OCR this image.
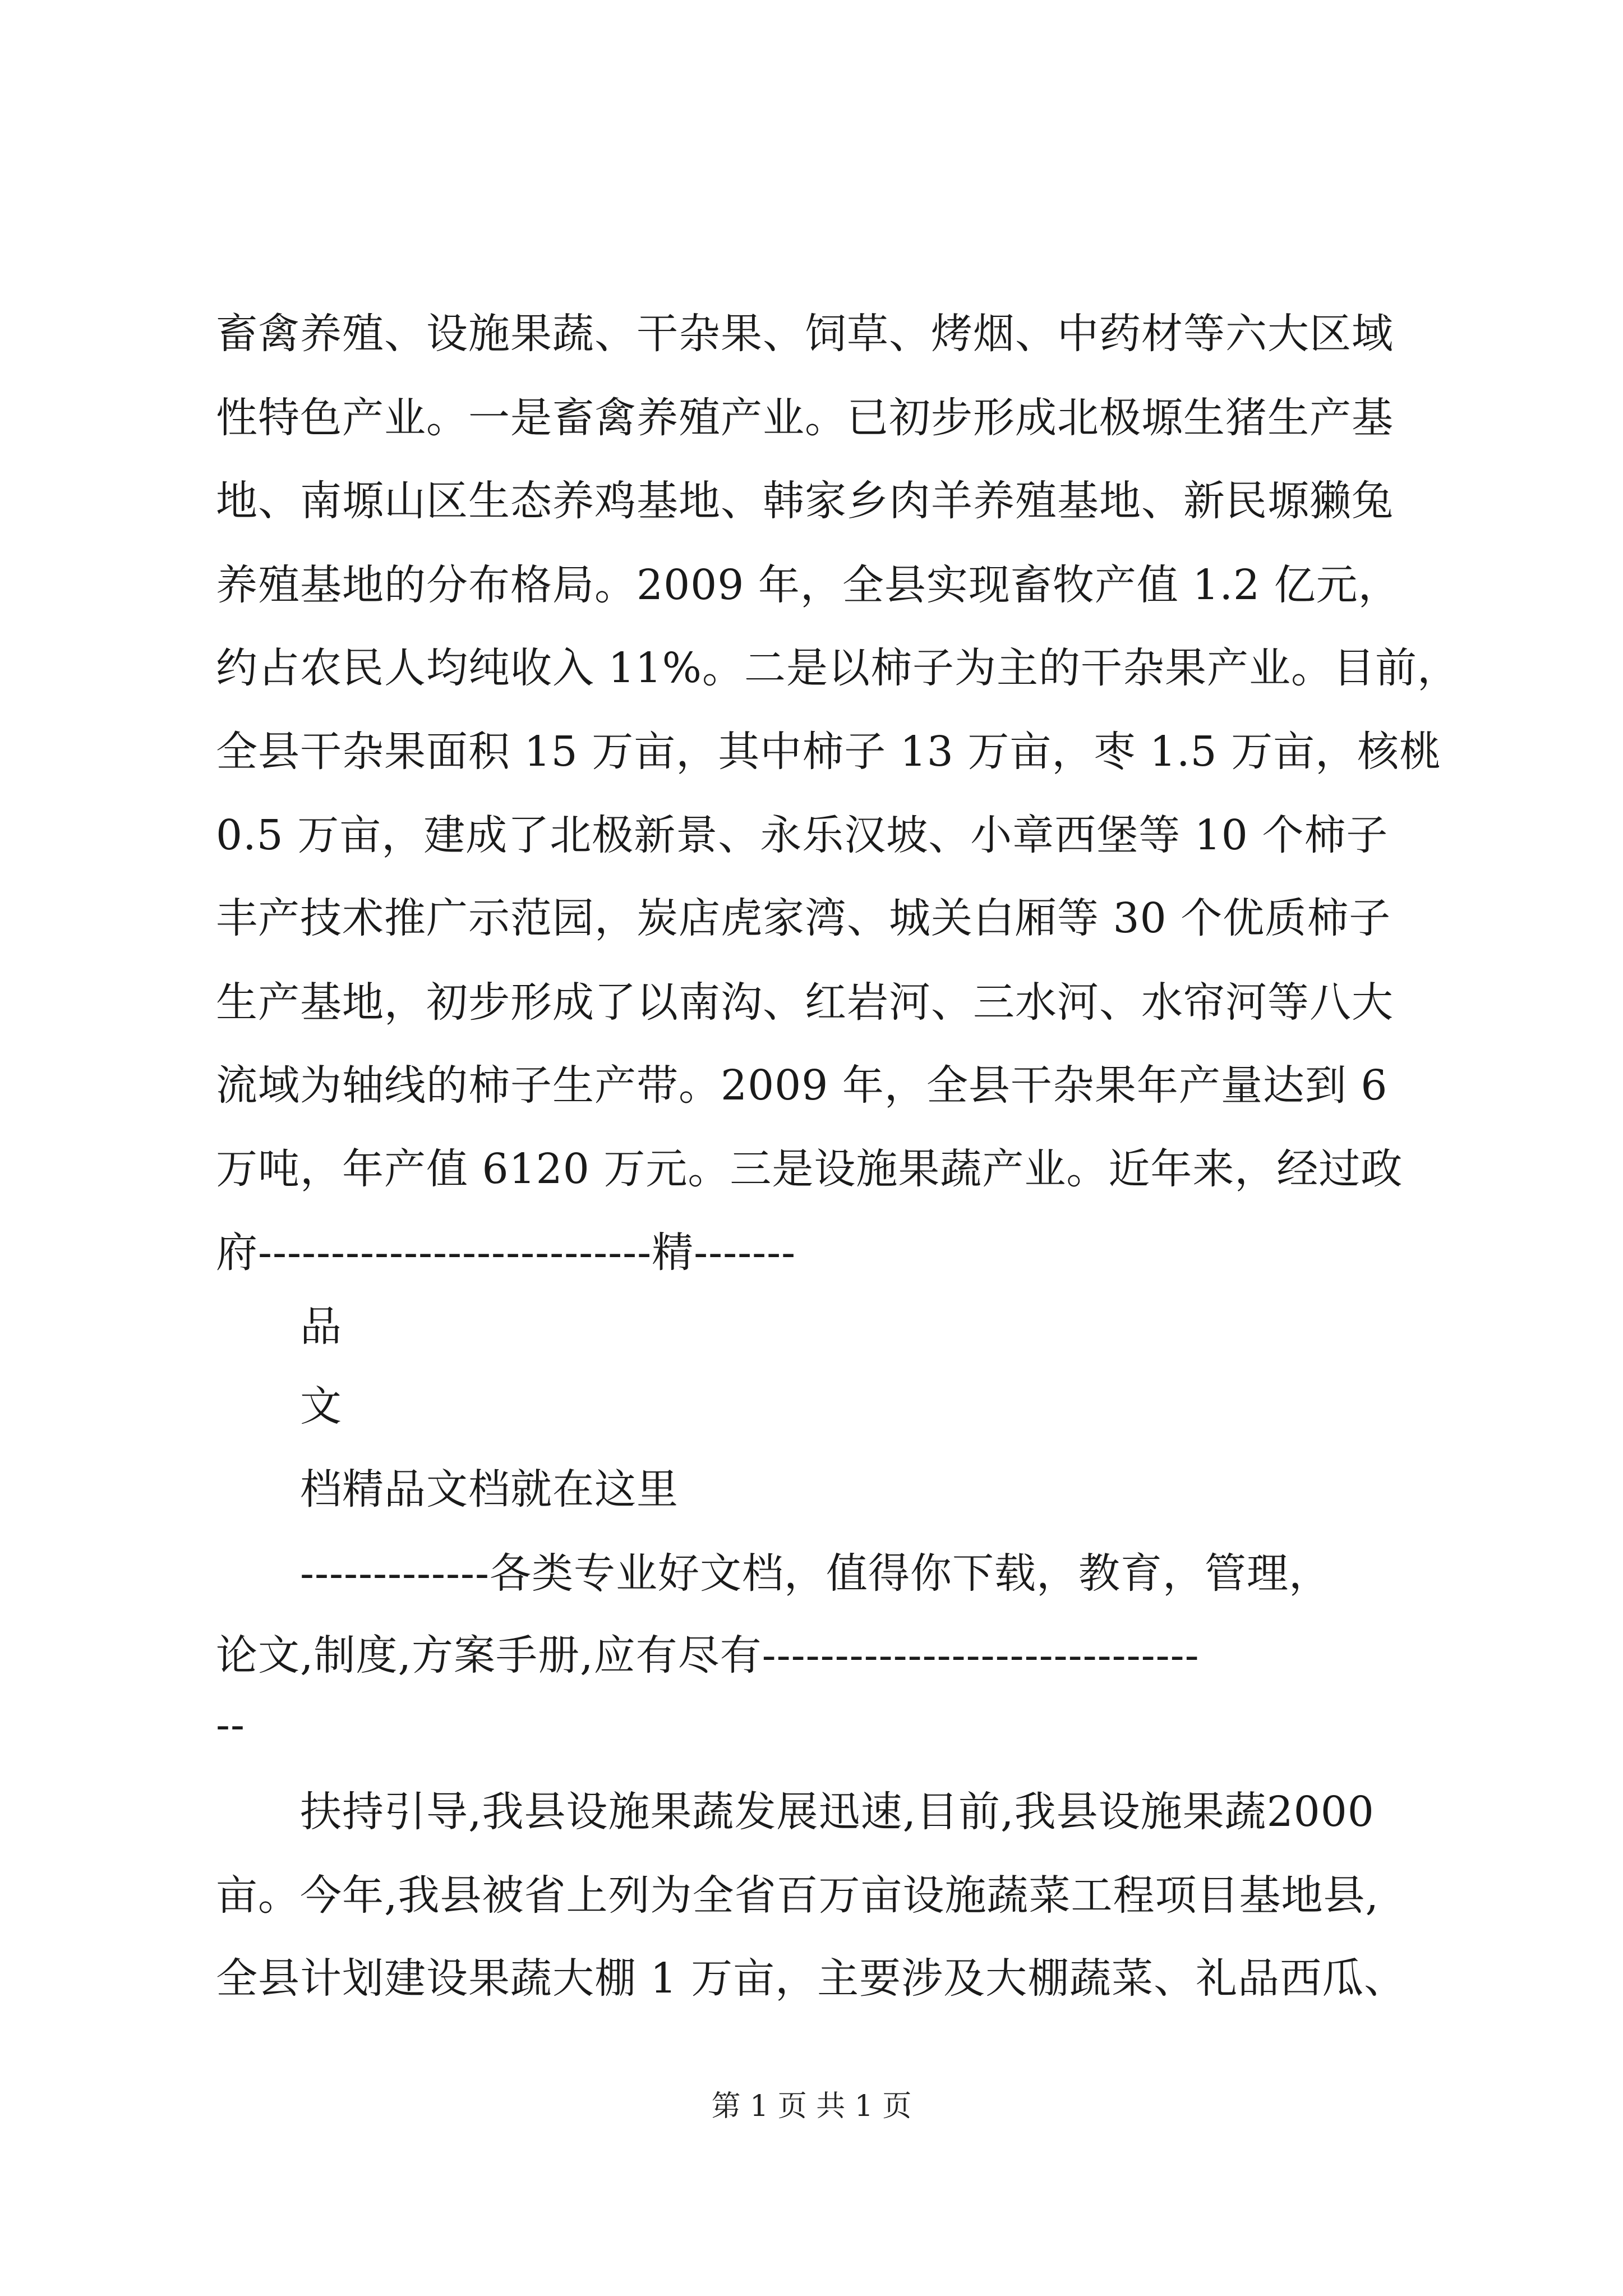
畜禽养殖、设施果蔬、干杂果、饲草、烤烟、中药材等六大区域
性特色产业。一是畜禽养殖产业。已初步形成北极塬生猪生产基
地、南塬山区生态养鸡基地、韩家乡肉羊养殖基地、新民塬獭兔
养殖基地的分布格局。2009 年，全县实现畜牧产值 1.2 亿元，
约占农民人均纯收入 11%。二是以柿子为主的干杂果产业。目前，
全县干杂果面积 15 万亩，其中柿子 13 万亩，枣 1.5 万亩，核桃
0.5 万亩，建成了北极新景、永乐汉坡、小章西堡等 10 个柿子
丰产技术推广示范园，炭店虎家湾、城关白厢等 30 个优质柿子
生产基地，初步形成了以南沟、红岩河、三水河、水帘河等八大
流域为轴线的柿子生产带。2009 年，全县干杂果年产量达到 6
万吨，年产值 6120 万元。三是设施果蔬产业。近年来，经过政
府---------------------------精-------
品
文
档精品文档就在这里
-------------各类专业好文档，值得你下载，教育，管理，
论文,制度,方案手册,应有尽有------------------------------
--
扶持引导,我县设施果蔬发展迅速,目前,我县设施果蔬2000
亩。今年,我县被省上列为全省百万亩设施蔬菜工程项目基地县,
全县计划建设果蔬大棚 1 万亩，主要涉及大棚蔬菜、礼品西瓜、
第 1 页 共 1 页
